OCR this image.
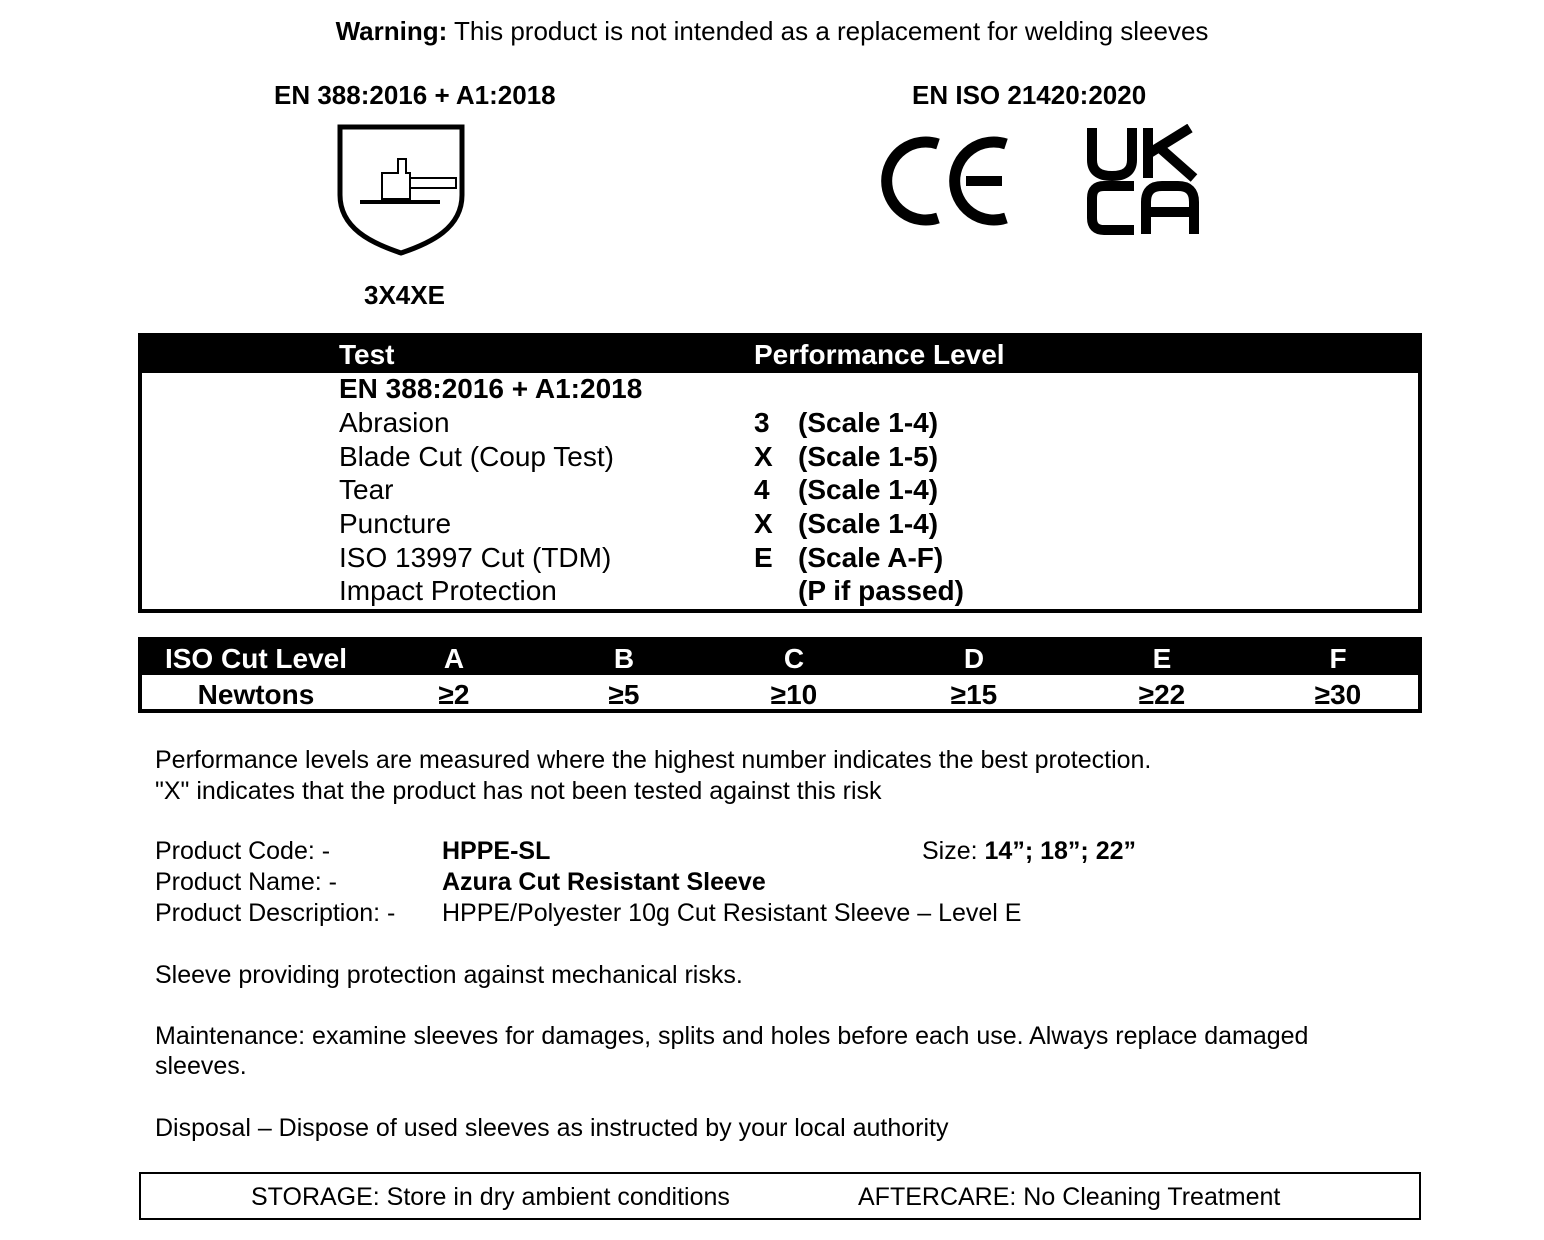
Warning: This product is not intended as a replacement for welding sleeves
EN 388:2016 + A1:2018	EN ISO 21420:2020
3X4XE
Test	Performance Level
EN 388:2016 + A1:2018
Abrasion	3 (Scale 1-4)
Blade Cut (Coup Test)	X (Scale 1-5)
Tear	4 (Scale 1-4)
Puncture	X (Scale 1-4)
ISO 13997 Cut (TDM)	E (Scale A-F)
Impact Protection	(P if passed)
ISO Cut Level	A	B	C	D	E	F
Newtons	≥2	≥5	≥10	≥15	≥22	≥30
Performance levels are measured where the highest number indicates the best protection.
"X" indicates that the product has not been tested against this risk
Product Code: -	HPPE-SL	Size: 14”; 18”; 22”
Product Name: -	Azura Cut Resistant Sleeve
Product Description: - HPPE/Polyester 10g Cut Resistant Sleeve – Level E
Sleeve providing protection against mechanical risks.
Maintenance: examine sleeves for damages, splits and holes before each use. Always replace damaged
sleeves.
Disposal – Dispose of used sleeves as instructed by your local authority
STORAGE: Store in dry ambient conditions	AFTERCARE: No Cleaning Treatment
